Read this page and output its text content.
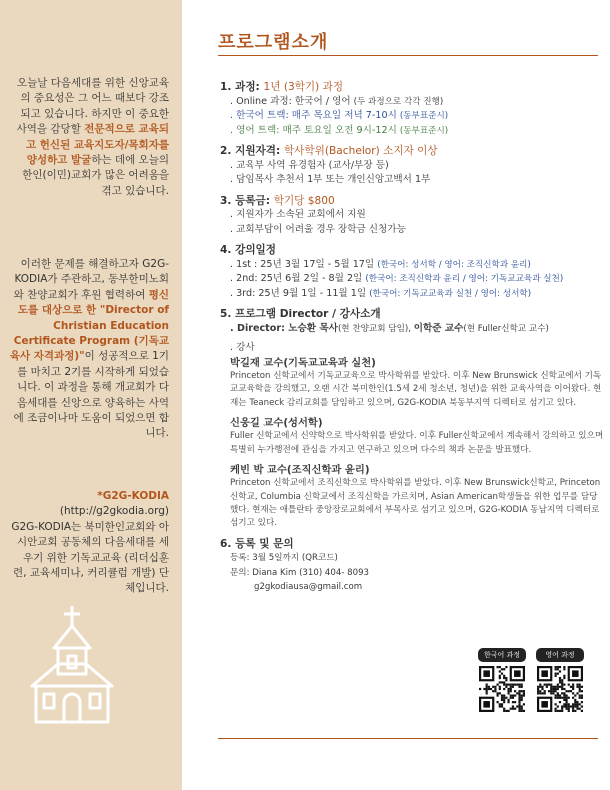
오늘날 다음세대를 위한 신앙교육의 중요성은 그 어느 때보다 강조되고 있습니다. 하지만 이 중요한 사역을 감당할 전문적으로 교육되고 헌신된 교육지도자/목회자를 양성하고 발굴하는 데에 오늘의 한인(이민)교회가 많은 어려움을 겪고 있습니다.
이러한 문제를 해결하고자 G2G-KODIA가 주관하고, 동부한미노회와 찬양교회가 후원 협력하여 평신도를 대상으로 한 "Director of Christian Education Certificate Program (기독교육사 자격과정)"이 성공적으로 1기를 마치고 2기를 시작하게 되었습니다. 이 과정을 통해 개교회가 다음세대를 신앙으로 양육하는 사역에 조금이나마 도움이 되었으면 합니다.
*G2G-KODIA
(http://g2gkodia.org)
G2G-KODIA는 북미한인교회와 아시안교회 공동체의 다음세대를 세우기 위한 기독교교육 (리더십훈련, 교육세미나, 커리큘럼 개발) 단체입니다.
프로그램소개
1. 과정: 1년 (3학기) 과정
. Online 과정: 한국어 / 영어 (두 과정으로 각각 진행)
. 한국어 트랙: 매주 목요일 저녁 7-10시 (동부표준시)
. 영어 트랙: 매주 토요일 오전 9시-12시 (동부표준시)
2. 지원자격: 학사학위(Bachelor) 소지자 이상
. 교육부 사역 유경험자 (교사/부장 등)
. 담임목사 추천서 1부 또는 개인신앙고백서 1부
3. 등록금: 학기당 $800
. 지원자가 소속된 교회에서 지원
. 교회부담이 어려울 경우 장학금 신청가능
4. 강의일정
. 1st : 25년 3월 17일 - 5월 17일 (한국어: 성서학 / 영어: 조직신학과 윤리)
. 2nd: 25년 6월 2일 - 8월 2일 (한국어: 조직신학과 윤리 / 영어: 기독교교육과 실천)
. 3rd: 25년 9월 1일 - 11월 1일 (한국어: 기독교교육과 실천 / 영어: 성서학)
5. 프로그램 Director / 강사소개
. Director: 노승환 목사(현 찬양교회 담임), 이학준 교수(현 Fuller신학교 교수)
. 강사
박길재 교수(기독교교육과 실천)
Princeton 신학교에서 기독교교육으로 박사학위를 받았다. 이후 New Brunswick 신학교에서 기독교교육학을 강의했고, 오랜 시간 북미한인(1.5세 2세 청소년, 청년)을 위한 교육사역을 이어왔다. 현재는 Teaneck 감리교회를 담임하고 있으며, G2G-KODIA 북동부지역 디렉터로 섬기고 있다.
신웅길 교수(성서학)
Fuller 신학교에서 신약학으로 박사학위를 받았다. 이후 Fuller신학교에서 계속해서 강의하고 있으며 특별히 누가행전에 관심을 가지고 연구하고 있으며 다수의 책과 논문을 발표했다.
케빈 박 교수(조직신학과 윤리)
Princeton 신학교에서 조직신학으로 박사학위를 받았다. 이후 New Brunswick신학교, Princeton 신학교, Columbia 신학교에서 조직신학을 가르치며, Asian American학생들을 위한 업무를 담당했다. 현재는 애틀란타 중앙장로교회에서 부목사로 섬기고 있으며, G2G-KODIA 동남지역 디렉터로 섬기고 있다.
6. 등록 및 문의
등록: 3월 5일까지 (QR코드)
문의: Diana Kim (310) 404- 8093
g2gkodiausa@gmail.com
한국어 과정	영어 과정
